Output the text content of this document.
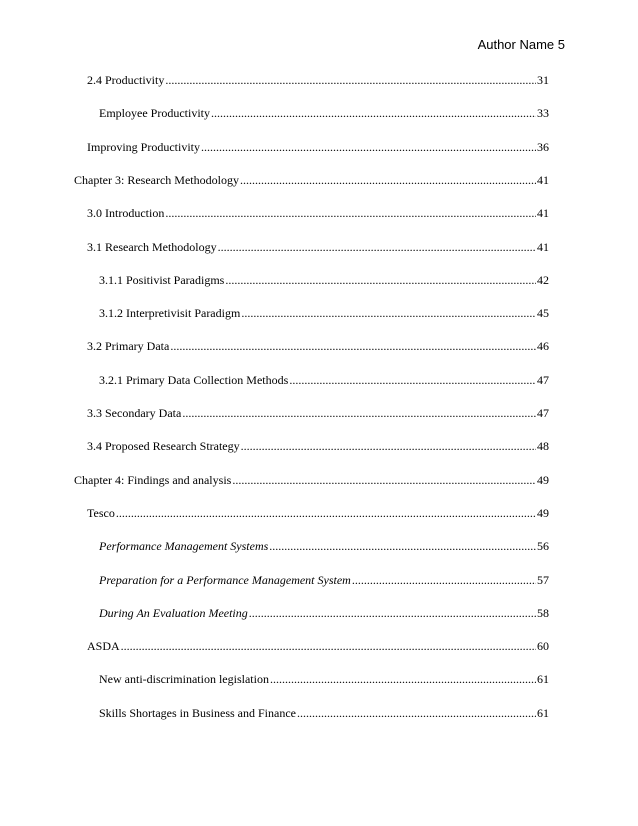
Author Name 5
2.4 Productivity .....	31
Employee Productivity .....	33
Improving Productivity .....	36
Chapter 3: Research Methodology .....	41
3.0 Introduction .....	41
3.1 Research Methodology .....	41
3.1.1 Positivist Paradigms .....	42
3.1.2 Interpretivisit Paradigm .....	45
3.2 Primary Data .....	46
3.2.1 Primary Data Collection Methods .....	47
3.3 Secondary Data .....	47
3.4 Proposed Research Strategy .....	48
Chapter 4: Findings and analysis .....	49
Tesco .....	49
Performance Management Systems .....	56
Preparation for a Performance Management System .....	57
During An Evaluation Meeting .....	58
ASDA .....	60
New anti-discrimination legislation .....	61
Skills Shortages in Business and Finance .....	61
